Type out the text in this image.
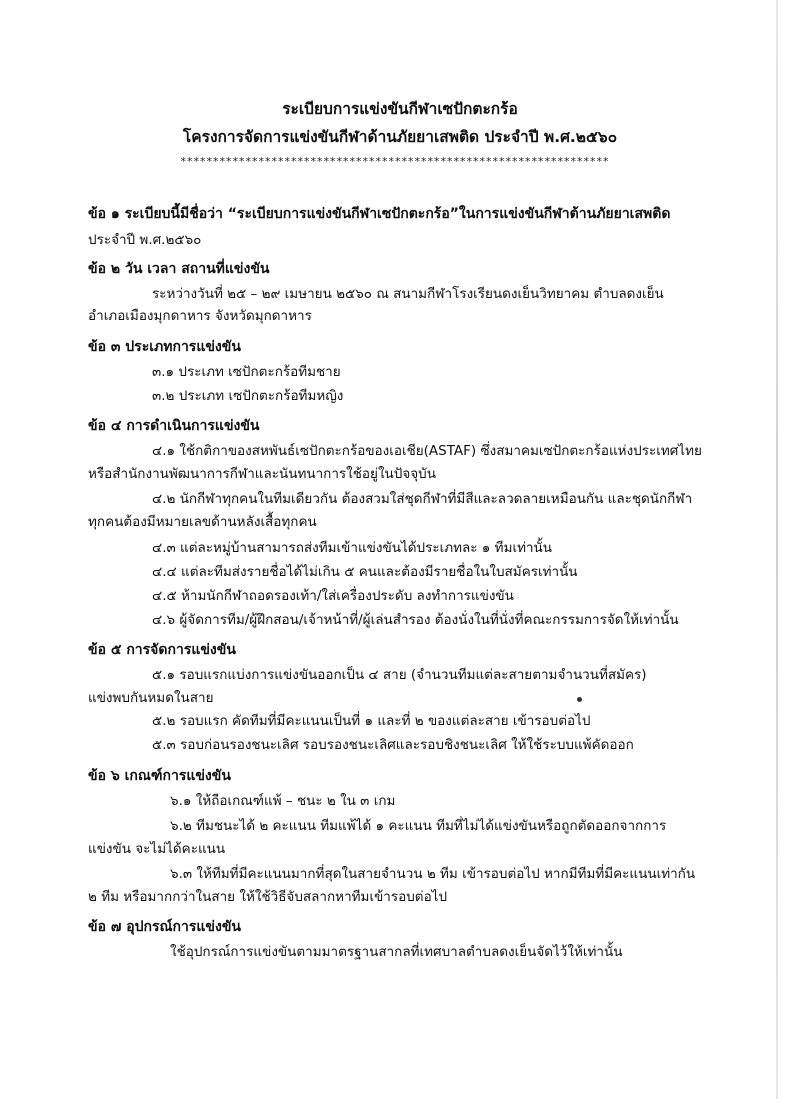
ระเบียบการแข่งขันกีฬาเซปักตะกร้อ
โครงการจัดการแข่งขันกีฬาด้านภัยยาเสพติด ประจำปี พ.ศ.๒๕๖๐
******************************************************************
ข้อ ๑ ระเบียบนี้มีชื่อว่า “ระเบียบการแข่งขันกีฬาเซปักตะกร้อ”ในการแข่งขันกีฬาต้านภัยยาเสพติด
ประจำปี พ.ศ.๒๕๖๐
ข้อ ๒ วัน เวลา สถานที่แข่งขัน
ระหว่างวันที่ ๒๕ – ๒๙ เมษายน ๒๕๖๐ ณ สนามกีฬาโรงเรียนดงเย็นวิทยาคม ตำบลดงเย็น
อำเภอเมืองมุกดาหาร จังหวัดมุกดาหาร
ข้อ ๓ ประเภทการแข่งขัน
๓.๑ ประเภท เซปักตะกร้อทีมชาย
๓.๒ ประเภท เซปักตะกร้อทีมหญิง
ข้อ ๔ การดำเนินการแข่งขัน
๔.๑ ใช้กติกาของสหพันธ์เซปักตะกร้อของเอเชีย(ASTAF) ซึ่งสมาคมเซปักตะกร้อแห่งประเทศไทย
หรือสำนักงานพัฒนาการกีฬาและนันทนาการใช้อยู่ในปัจจุบัน
๔.๒ นักกีฬาทุกคนในทีมเดียวกัน ต้องสวมใส่ชุดกีฬาที่มีสีและลวดลายเหมือนกัน และชุดนักกีฬา
ทุกคนต้องมีหมายเลขด้านหลังเสื้อทุกคน
๔.๓ แต่ละหมู่บ้านสามารถส่งทีมเข้าแข่งขันได้ประเภทละ ๑ ทีมเท่านั้น
๔.๔ แต่ละทีมส่งรายชื่อได้ไม่เกิน ๕ คนและต้องมีรายชื่อในใบสมัครเท่านั้น
๔.๕ ห้ามนักกีฬาถอดรองเท้า/ใส่เครื่องประดับ ลงทำการแข่งขัน
๔.๖ ผู้จัดการทีม/ผู้ฝึกสอน/เจ้าหน้าที่/ผู้เล่นสำรอง ต้องนั่งในที่นั่งที่คณะกรรมการจัดให้เท่านั้น
ข้อ ๕ การจัดการแข่งขัน
๕.๑ รอบแรกแบ่งการแข่งขันออกเป็น ๔ สาย (จำนวนทีมแต่ละสายตามจำนวนที่สมัคร)
แข่งพบกันหมดในสาย
๕.๒ รอบแรก คัดทีมที่มีคะแนนเป็นที่ ๑ และที่ ๒ ของแต่ละสาย เข้ารอบต่อไป
๕.๓ รอบก่อนรองชนะเลิศ รอบรองชนะเลิศและรอบชิงชนะเลิศ ให้ใช้ระบบแพ้คัดออก
ข้อ ๖ เกณฑ์การแข่งขัน
๖.๑ ให้ถือเกณฑ์แพ้ – ชนะ ๒ ใน ๓ เกม
๖.๒ ทีมชนะได้ ๒ คะแนน ทีมแพ้ได้ ๑ คะแนน ทีมที่ไม่ได้แข่งขันหรือถูกตัดออกจากการ
แข่งขัน จะไม่ได้คะแนน
๖.๓ ให้ทีมที่มีคะแนนมากที่สุดในสายจำนวน ๒ ทีม เข้ารอบต่อไป หากมีทีมที่มีคะแนนเท่ากัน
๒ ทีม หรือมากกว่าในสาย ให้ใช้วิธีจับสลากหาทีมเข้ารอบต่อไป
ข้อ ๗ อุปกรณ์การแข่งขัน
ใช้อุปกรณ์การแข่งขันตามมาตรฐานสากลที่เทศบาลตำบลดงเย็นจัดไว้ให้เท่านั้น
